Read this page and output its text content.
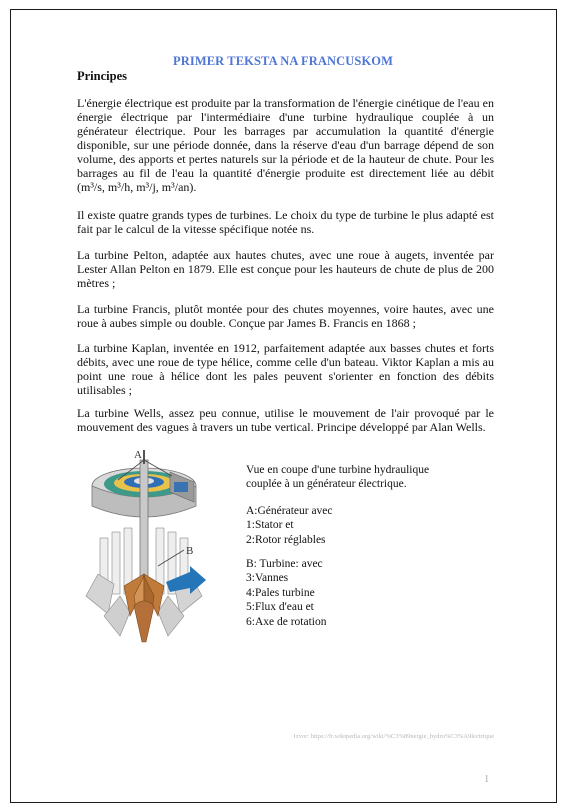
PRIMER TEKSTA NA FRANCUSKOM
Principes
L'énergie électrique est produite par la transformation de l'énergie cinétique de l'eau en énergie électrique par l'intermédiaire d'une turbine hydraulique couplée à un générateur électrique. Pour les barrages par accumulation la quantité d'énergie disponible, sur une période donnée, dans la réserve d'eau d'un barrage dépend de son volume, des apports et pertes naturels sur la période et de la hauteur de chute. Pour les barrages au fil de l'eau la quantité d'énergie produite est directement liée au débit (m³/s, m³/h, m³/j, m³/an).
Il existe quatre grands types de turbines. Le choix du type de turbine le plus adapté est fait par le calcul de la vitesse spécifique notée ns.
La turbine Pelton, adaptée aux hautes chutes, avec une roue à augets, inventée par Lester Allan Pelton en 1879. Elle est conçue pour les hauteurs de chute de plus de 200 mètres ;
La turbine Francis, plutôt montée pour des chutes moyennes, voire hautes, avec une roue à aubes simple ou double. Conçue par James B. Francis en 1868 ;
La turbine Kaplan, inventée en 1912, parfaitement adaptée aux basses chutes et forts débits, avec une roue de type hélice, comme celle d'un bateau. Viktor Kaplan a mis au point une roue à hélice dont les pales peuvent s'orienter en fonction des débits utilisables ;
La turbine Wells, assez peu connue, utilise le mouvement de l'air provoqué par le mouvement des vagues à travers un tube vertical. Principe développé par Alan Wells.
A
B
Vue en coupe d'une turbine hydraulique
couplée à un générateur électrique.
A:Générateur avec
1:Stator et
2:Rotor réglables
B: Turbine: avec
3:Vannes
4:Pales turbine
5:Flux d'eau et
6:Axe de rotation
Izvor: https://fr.wikipedia.org/wiki/%C3%89nergie_hydro%C3%A9lectrique
1
